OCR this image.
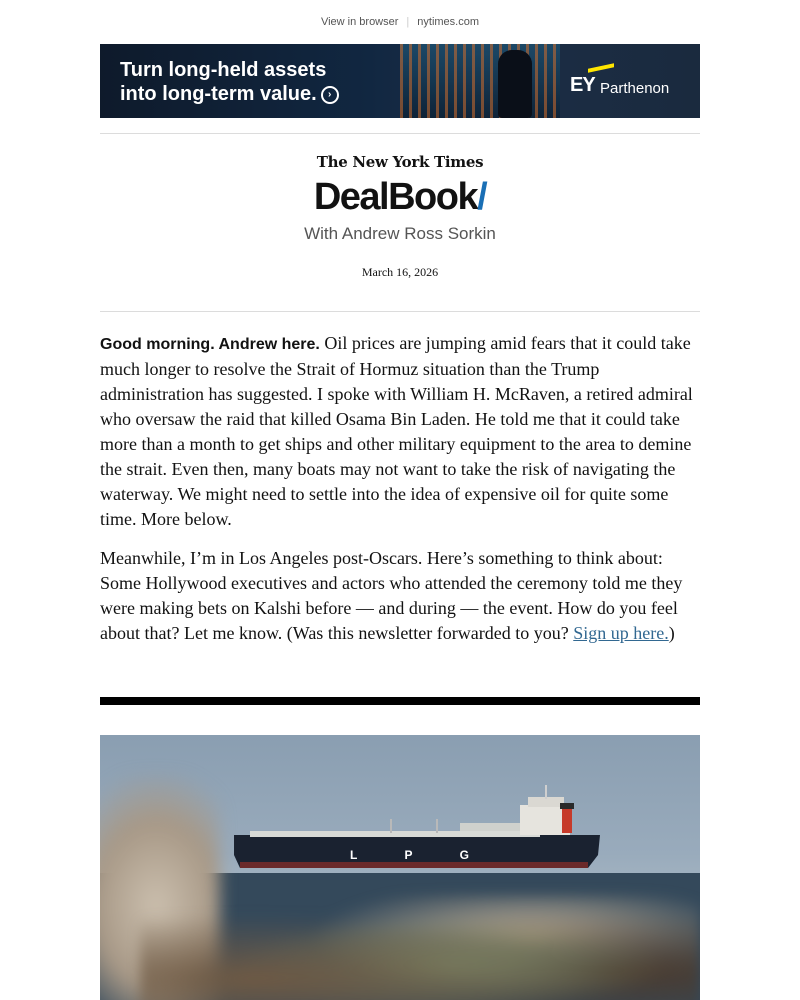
View in browser | nytimes.com
Turn long-held assets
into long-term value. ›	EY Parthenon
The New York Times
DealBook/
With Andrew Ross Sorkin
March 16, 2026

Good morning. Andrew here. Oil prices are jumping amid fears that it could take much longer to resolve the Strait of Hormuz situation than the Trump administration has suggested. I spoke with William H. McRaven, a retired admiral who oversaw the raid that killed Osama Bin Laden. He told me that it could take more than a month to get ships and other military equipment to the area to demine the strait. Even then, many boats may not want to take the risk of navigating the waterway. We might need to settle into the idea of expensive oil for quite some time. More below.

Meanwhile, I’m in Los Angeles post-Oscars. Here’s something to think about: Some Hollywood executives and actors who attended the ceremony told me they were making bets on Kalshi before — and during — the event. How do you feel about that? Let me know. (Was this newsletter forwarded to you? Sign up here.)

L P G
